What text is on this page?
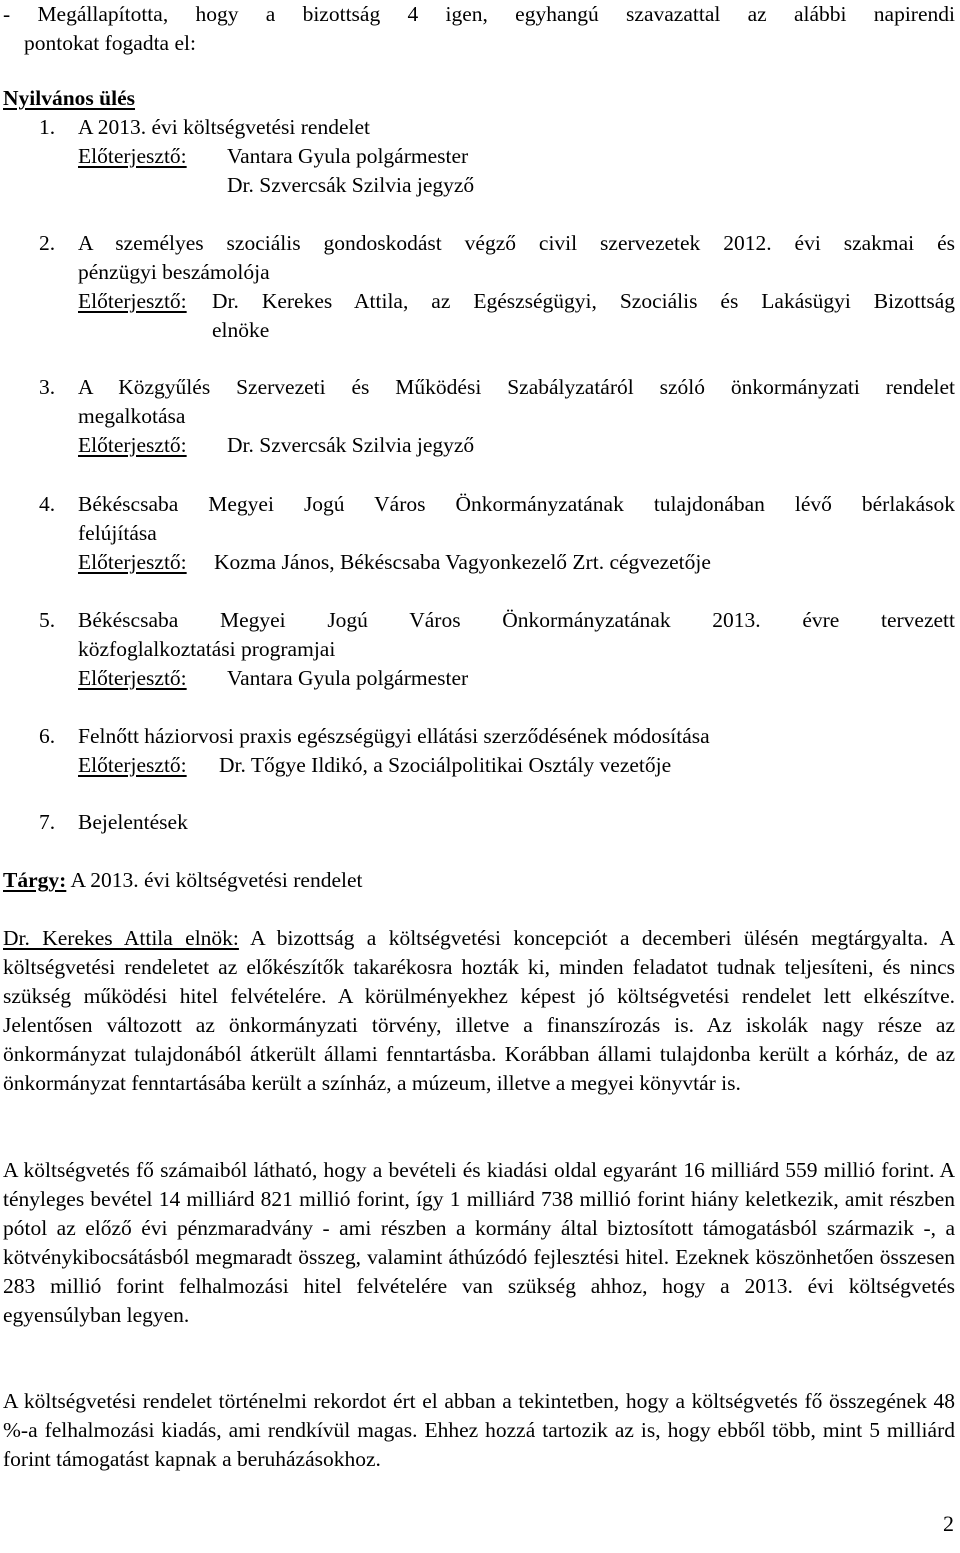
- Megállapította, hogy a bizottság 4 igen, egyhangú szavazattal az alábbi napirendi
pontokat fogadta el:
Nyilvános ülés
1. A 2013. évi költségvetési rendelet
Előterjesztő: Vantara Gyula polgármester
Dr. Szvercsák Szilvia jegyző
2. A személyes szociális gondoskodást végző civil szervezetek 2012. évi szakmai és
pénzügyi beszámolója
Előterjesztő: Dr. Kerekes Attila, az Egészségügyi, Szociális és Lakásügyi Bizottság
elnöke
3. A Közgyűlés Szervezeti és Működési Szabályzatáról szóló önkormányzati rendelet
megalkotása
Előterjesztő: Dr. Szvercsák Szilvia jegyző
4. Békéscsaba Megyei Jogú Város Önkormányzatának tulajdonában lévő bérlakások
felújítása
Előterjesztő: Kozma János, Békéscsaba Vagyonkezelő Zrt. cégvezetője
5. Békéscsaba Megyei Jogú Város Önkormányzatának 2013. évre tervezett
közfoglalkoztatási programjai
Előterjesztő: Vantara Gyula polgármester
6. Felnőtt háziorvosi praxis egészségügyi ellátási szerződésének módosítása
Előterjesztő: Dr. Tőgye Ildikó, a Szociálpolitikai Osztály vezetője
7. Bejelentések
Tárgy: A 2013. évi költségvetési rendelet

Dr. Kerekes Attila elnök: A bizottság a költségvetési koncepciót a decemberi ülésén megtárgyalta. A költségvetési rendeletet az előkészítők takarékosra hozták ki, minden feladatot tudnak teljesíteni, és nincs szükség működési hitel felvételére. A körülményekhez képest jó költségvetési rendelet lett elkészítve. Jelentősen változott az önkormányzati törvény, illetve a finanszírozás is. Az iskolák nagy része az önkormányzat tulajdonából átkerült állami fenntartásba. Korábban állami tulajdonba került a kórház, de az önkormányzat fenntartásába került a színház, a múzeum, illetve a megyei könyvtár is.

A költségvetés fő számaiból látható, hogy a bevételi és kiadási oldal egyaránt 16 milliárd 559 millió forint. A tényleges bevétel 14 milliárd 821 millió forint, így 1 milliárd 738 millió forint hiány keletkezik, amit részben pótol az előző évi pénzmaradvány - ami részben a kormány által biztosított támogatásból származik -, a kötvénykibocsátásból megmaradt összeg, valamint áthúzódó fejlesztési hitel. Ezeknek köszönhetően összesen 283 millió forint felhalmozási hitel felvételére van szükség ahhoz, hogy a 2013. évi költségvetés egyensúlyban legyen.

A költségvetési rendelet történelmi rekordot ért el abban a tekintetben, hogy a költségvetés fő összegének 48 %-a felhalmozási kiadás, ami rendkívül magas. Ehhez hozzá tartozik az is, hogy ebből több, mint 5 milliárd forint támogatást kapnak a beruházásokhoz.

2
